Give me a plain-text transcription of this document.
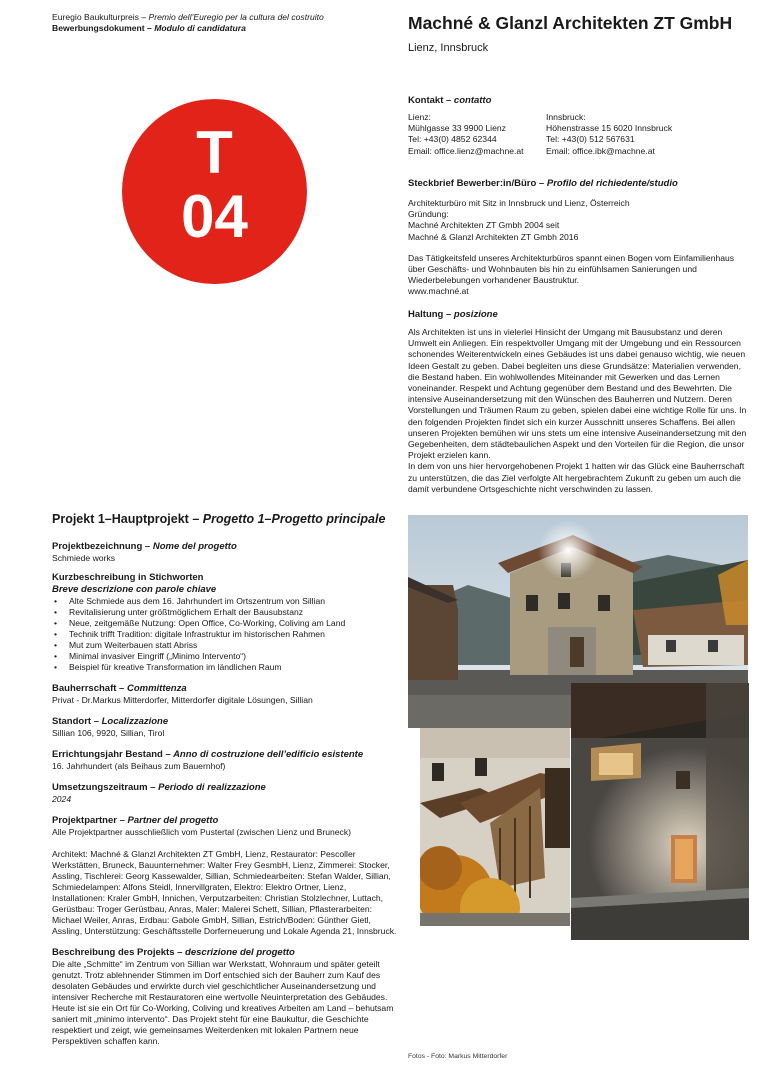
Euregio Baukulturpreis – Premio dell’Euregio per la cultura del costruito
Bewerbungsdokument – Modulo di candidatura
T
04
Machné & Glanzl Architekten ZT GmbH
Lienz, Innsbruck
Kontakt – contatto
Lienz:
Mühlgasse 33 9900 Lienz
Tel: +43(0) 4852 62344
Email: office.lienz@machne.at
Innsbruck:
Höhenstrasse 15 6020 Innsbruck
Tel: +43(0) 512 567631
Email: office.ibk@machne.at
Steckbrief Bewerber:in/Büro – Profilo del richiedente/studio
Architekturbüro mit Sitz in Innsbruck und Lienz, Österreich
Gründung:
Machné Architekten ZT Gmbh 2004 seit
Machné & Glanzl Architekten ZT Gmbh 2016
Das Tätigkeitsfeld unseres Architekturbüros spannt einen Bogen vom Einfamilienhaus über Geschäfts- und Wohnbauten bis hin zu einfühlsamen Sanierungen und Wiederbelebungen vorhandener Baustruktur.
www.machné.at
Haltung – posizione
Als Architekten ist uns in vielerlei Hinsicht der Umgang mit Bausubstanz und deren Umwelt ein Anliegen. Ein respektvoller Umgang mit der Umgebung und ein Ressourcen schonendes Weiterentwickeln eines Gebäudes ist uns dabei genauso wichtig, wie neuen Ideen Gestalt zu geben. Dabei begleiten uns diese Grundsätze: Materialien verwenden, die Bestand haben. Ein wohlwollendes Miteinander mit Gewerken und das Lernen voneinander. Respekt und Achtung gegenüber dem Bestand und des Bewehrten. Die intensive Auseinandersetzung mit den Wünschen des Bauherren und Nutzern. Deren Vorstellungen und Träumen Raum zu geben, spielen dabei eine wichtige Rolle für uns. In den folgenden Projekten findet sich ein kurzer Ausschnitt unseres Schaffens. Bei allen unseren Projekten bemühen wir uns stets um eine intensive Auseinandersetzung mit den Gegebenheiten, dem städtebaulichen Aspekt und den Vorteilen für die Region, die unsor Projekt erzielen kann.
In dem von uns hier hervorgehobenen Projekt 1 hatten wir das Glück eine Bauherrschaft zu unterstützen, die das Ziel verfolgte Alt hergebrachtem Zukunft zu geben um auch die damit verbundene Ortsgeschichte nicht verschwinden zu lassen.
Projekt 1–Hauptprojekt – Progetto 1–Progetto principale
Projektbezeichnung – Nome del progetto
Schmiede works
Kurzbeschreibung in Stichworten
Breve descrizione con parole chiave
• Alte Schmiede aus dem 16. Jahrhundert im Ortszentrum von Sillian
• Revitalisierung unter größtmöglichem Erhalt der Bausubstanz
• Neue, zeitgemäße Nutzung: Open Office, Co-Working, Coliving am Land
• Technik trifft Tradition: digitale Infrastruktur im historischen Rahmen
• Mut zum Weiterbauen statt Abriss
• Minimal invasiver Eingriff („Minimo Intervento“)
• Beispiel für kreative Transformation im ländlichen Raum
Bauherrschaft – Committenza
Privat - Dr.Markus Mitterdorfer, Mitterdorfer digitale Lösungen, Sillian
Standort – Localizzazione
Sillian 106, 9920, Sillian, Tirol
Errichtungsjahr Bestand – Anno di costruzione dell’edificio esistente
16. Jahrhundert (als Beihaus zum Bauernhof)
Umsetzungszeitraum – Periodo di realizzazione
2024
Projektpartner – Partner del progetto
Alle Projektpartner ausschließlich vom Pustertal (zwischen Lienz und Bruneck)
Architekt: Machné & Glanzl Architekten ZT GmbH, Lienz, Restaurator: Pescoller Werkstätten, Bruneck, Bauunternehmer: Walter Frey GesmbH, Lienz, Zimmerei: Stocker, Assling, Tischlerei: Georg Kassewalder, Sillian, Schmiedearbeiten: Stefan Walder, Sillian, Schmiedelampen: Alfons Steidl, Innervillgraten, Elektro: Elektro Ortner, Lienz, Installationen: Kraler GmbH, Innichen, Verputzarbeiten: Christian Stolzlechner, Luttach, Gerüstbau: Troger Gerüstbau, Anras, Maler: Malerei Schett, Sillian, Pflasterarbeiten: Michael Weiler, Anras, Erdbau: Gabole GmbH, Sillian, Estrich/Boden: Günther Gietl, Assling, Unterstützung: Geschäftsstelle Dorferneuerung und Lokale Agenda 21, Innsbruck.
Beschreibung des Projekts – descrizione del progetto
Die alte „Schmitte“ im Zentrum von Sillian war Werkstatt, Wohnraum und später geteilt genutzt. Trotz ablehnender Stimmen im Dorf entschied sich der Bauherr zum Kauf des desolaten Gebäudes und erwirkte durch viel geschichtlicher Auseinandersetzung und intensiver Recherche mit Restauratoren eine wertvolle Neuinterpretation des Gebäudes. Heute ist sie ein Ort für Co-Working, Coliving und kreatives Arbeiten am Land – behutsam saniert mit „minimo intervento“. Das Projekt steht für eine Baukultur, die Geschichte respektiert und zeigt, wie gemeinsames Weiterdenken mit lokalen Partnern neue Perspektiven schaffen kann.
Fotos - Foto: Markus Mitterdorfer
